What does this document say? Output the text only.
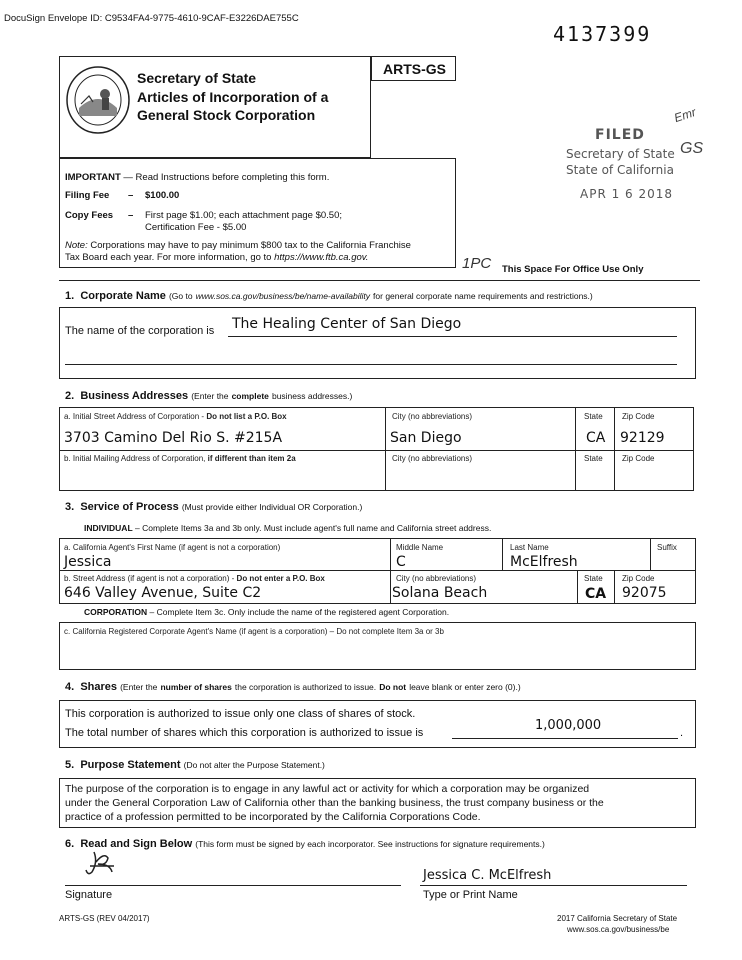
DocuSign Envelope ID: C9534FA4-9775-4610-9CAF-E3226DAE755C
4137399
ARTS-GS
Secretary of State
Articles of Incorporation of a
General Stock Corporation
IMPORTANT — Read Instructions before completing this form.
Filing Fee – $100.00
Copy Fees – First page $1.00; each attachment page $0.50;
Certification Fee - $5.00
Note: Corporations may have to pay minimum $800 tax to the California Franchise
Tax Board each year. For more information, go to https://www.ftb.ca.gov.
FILED
Secretary of State
State of California
APR 1 6 2018
Emr
GS
1PC This Space For Office Use Only
1. Corporate Name (Go to www.sos.ca.gov/business/be/name-availability for general corporate name requirements and restrictions.)
The name of the corporation is The Healing Center of San Diego
2. Business Addresses (Enter the complete business addresses.)
a. Initial Street Address of Corporation - Do not list a P.O. Box	City (no abbreviations)	State Zip Code
3703 Camino Del Rio S. #215A	San Diego	CA 92129
b. Initial Mailing Address of Corporation, if different than item 2a	City (no abbreviations)	State Zip Code
3. Service of Process (Must provide either Individual OR Corporation.)
INDIVIDUAL – Complete Items 3a and 3b only. Must include agent's full name and California street address.
a. California Agent's First Name (if agent is not a corporation)	Middle Name	Last Name	Suffix
Jessica	C	McElfresh
b. Street Address (if agent is not a corporation) - Do not enter a P.O. Box	City (no abbreviations)	State Zip Code
646 Valley Avenue, Suite C2	Solana Beach	CA 92075
CORPORATION – Complete Item 3c. Only include the name of the registered agent Corporation.
c. California Registered Corporate Agent's Name (if agent is a corporation) – Do not complete Item 3a or 3b
4. Shares (Enter the number of shares the corporation is authorized to issue. Do not leave blank or enter zero (0).)
This corporation is authorized to issue only one class of shares of stock.
The total number of shares which this corporation is authorized to issue is	1,000,000	.
5. Purpose Statement (Do not alter the Purpose Statement.)
The purpose of the corporation is to engage in any lawful act or activity for which a corporation may be organized
under the General Corporation Law of California other than the banking business, the trust company business or the
practice of a profession permitted to be incorporated by the California Corporations Code.
6. Read and Sign Below (This form must be signed by each incorporator. See instructions for signature requirements.)
Signature
Jessica C. McElfresh
Type or Print Name
ARTS-GS (REV 04/2017)	2017 California Secretary of State
www.sos.ca.gov/business/be
